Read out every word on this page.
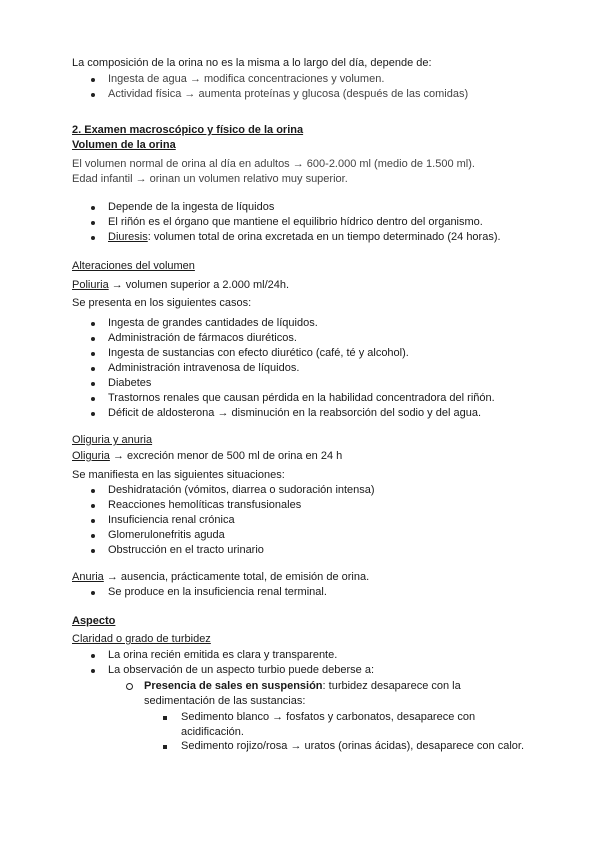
La composición de la orina no es la misma a lo largo del día, depende de:
Ingesta de agua → modifica concentraciones y volumen.
Actividad física → aumenta proteínas y glucosa (después de las comidas)
2. Examen macroscópico y físico de la orina
Volumen de la orina
El volumen normal de orina al día en adultos → 600-2.000 ml (medio de 1.500 ml).
Edad infantil → orinan un volumen relativo muy superior.
Depende de la ingesta de líquidos
El riñón es el órgano que mantiene el equilibrio hídrico dentro del organismo.
Diuresis: volumen total de orina excretada en un tiempo determinado (24 horas).
Alteraciones del volumen
Poliuria → volumen superior a 2.000 ml/24h.
Se presenta en los siguientes casos:
Ingesta de grandes cantidades de líquidos.
Administración de fármacos diuréticos.
Ingesta de sustancias con efecto diurético (café, té y alcohol).
Administración intravenosa de líquidos.
Diabetes
Trastornos renales que causan pérdida en la habilidad concentradora del riñón.
Déficit de aldosterona → disminución en la reabsorción del sodio y del agua.
Oliguria y anuria
Oliguria → excreción menor de 500 ml de orina en 24 h
Se manifiesta en las siguientes situaciones:
Deshidratación (vómitos, diarrea o sudoración intensa)
Reacciones hemolíticas transfusionales
Insuficiencia renal crónica
Glomerulonefritis aguda
Obstrucción en el tracto urinario
Anuria → ausencia, prácticamente total, de emisión de orina.
Se produce en la insuficiencia renal terminal.
Aspecto
Claridad o grado de turbidez
La orina recién emitida es clara y transparente.
La observación de un aspecto turbio puede deberse a:
Presencia de sales en suspensión: turbidez desaparece con la
sedimentación de las sustancias:
Sedimento blanco → fosfatos y carbonatos, desaparece con
acidificación.
Sedimento rojizo/rosa → uratos (orinas ácidas), desaparece con calor.
